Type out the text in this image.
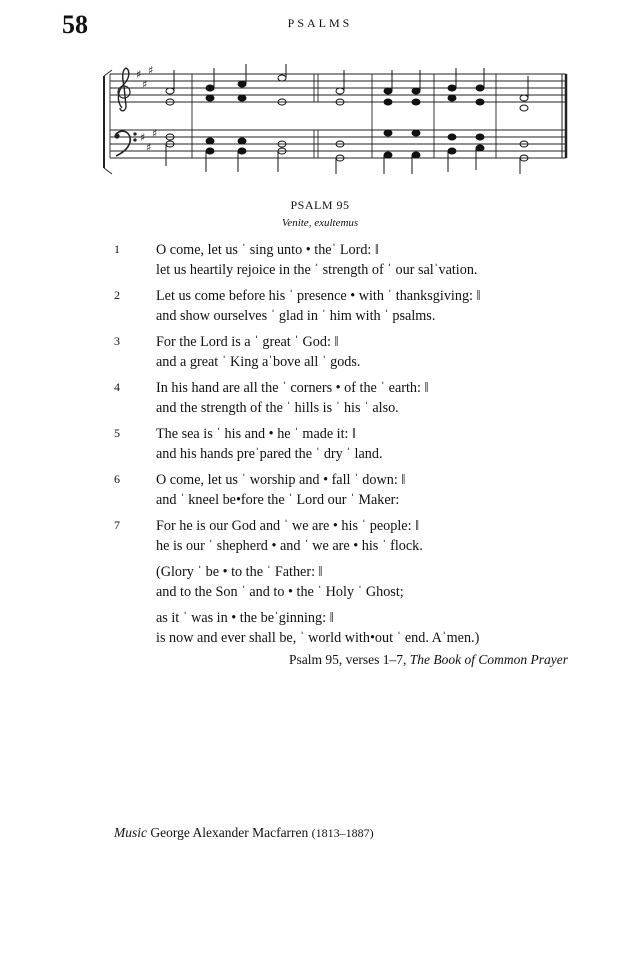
58	PSALMS
♯
♯
♯
♯
♯
♯
PSALM 95
Venite, exultemus
1	O come, let us ˈ sing unto • theˈ Lord: ǁ
let us heartily rejoice in the ˈ strength of ˈ our salˈvation.
2	Let us come before his ˈ presence • with ˈ thanksgiving: ǁ
and show ourselves ˈ glad in ˈ him with ˈ psalms.
3	For the Lord is a ˈ great ˈ God: ǁ
and a great ˈ King aˈbove all ˈ gods.
4	In his hand are all the ˈ corners • of the ˈ earth: ǁ
and the strength of the ˈ hills is ˈ his ˈ also.
5	The sea is ˈ his and • he ˈ made it: ǁ
and his hands preˈpared the ˈ dry ˈ land.
6	O come, let us ˈ worship and • fall ˈ down: ǁ
and ˈ kneel be•fore the ˈ Lord our ˈ Maker:
7	For he is our God and ˈ we are • his ˈ people: ǁ
he is our ˈ shepherd • and ˈ we are • his ˈ flock.
(Glory ˈ be • to the ˈ Father: ǁ
and to the Son ˈ and to • the ˈ Holy ˈ Ghost;
as it ˈ was in • the beˈginning: ǁ
is now and ever shall be, ˈ world with•out ˈ end. Aˈmen.)
Psalm 95, verses 1–7, The Book of Common Prayer
Music George Alexander Macfarren (1813–1887)
